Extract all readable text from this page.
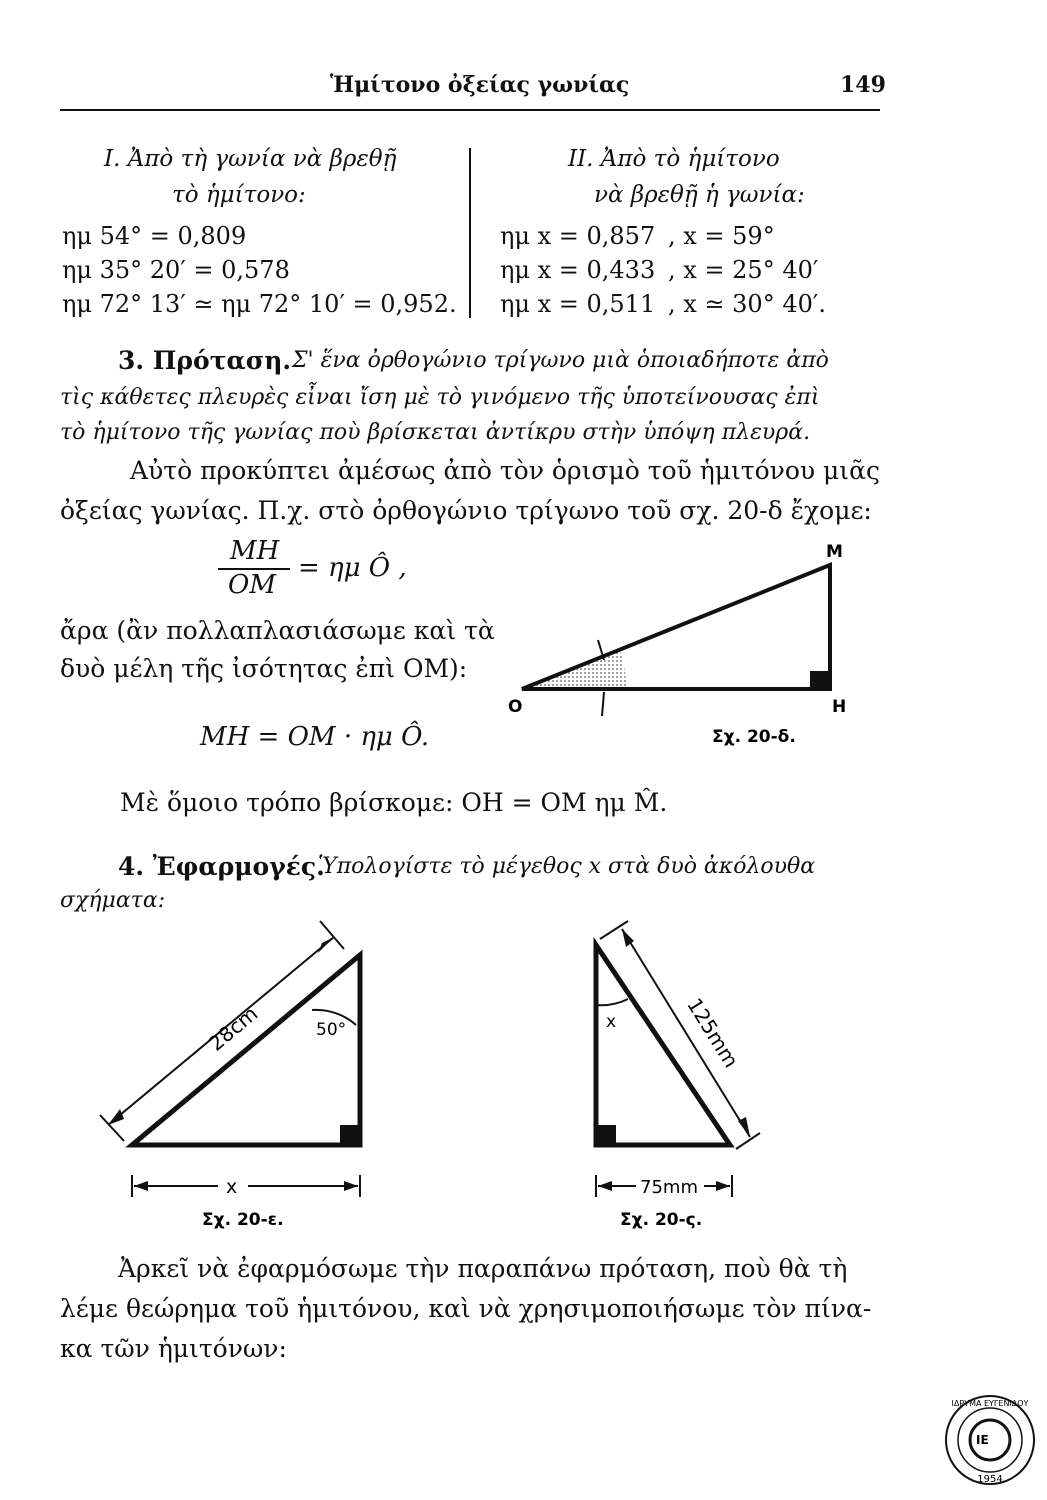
Ἡμίτονο ὀξείας γωνίας	149
I. Ἀπὸ τὴ γωνία νὰ βρεθῇ
τὸ ἡμίτονο:
ημ 54° = 0,809
ημ 35° 20′ = 0,578
ημ 72° 13′ ≃ ημ 72° 10′ = 0,952.
II. Ἀπὸ τὸ ἡμίτονο
νὰ βρεθῇ ἡ γωνία:
ημ x = 0,857 , x = 59°
ημ x = 0,433 , x = 25° 40′
ημ x = 0,511 , x ≃ 30° 40′.
3. Πρόταση. Σ' ἕνα ὀρθογώνιο τρίγωνο μιὰ ὁποιαδήποτε ἀπὸ
τὶς κάθετες πλευρὲς εἶναι ἴση μὲ τὸ γινόμενο τῆς ὑποτείνουσας ἐπὶ
τὸ ἡμίτονο τῆς γωνίας ποὺ βρίσκεται ἀντίκρυ στὴν ὑπόψη πλευρά.
Αὐτὸ προκύπτει ἀμέσως ἀπὸ τὸν ὁρισμὸ τοῦ ἡμιτόνου μιᾶς
ὀξείας γωνίας. Π.χ. στὸ ὀρθογώνιο τρίγωνο τοῦ σχ. 20-δ ἔχομε:
MH
OM
= ημ Ô ,
ἄρα (ἂν πολλαπλασιάσωμε καὶ τὰ
δυὸ μέλη τῆς ἰσότητας ἐπὶ OM):
MH = OM · ημ Ô.
Μὲ ὅμοιο τρόπο βρίσκομε: OH = OM ημ M̂.
O	H
M
Σχ. 20-δ.
4. Ἐφαρμογές.
Ὑπολογίστε τὸ μέγεθος x στὰ δυὸ ἀκόλουθα
σχήματα:
28cm	50°
x
Σχ. 20-ε.
125mm
x
75mm
Σχ. 20-ς.
Ἀρκεῖ νὰ ἐφαρμόσωμε τὴν παραπάνω πρόταση, ποὺ θὰ τὴ
λέμε θεώρημα τοῦ ἡμιτόνου, καὶ νὰ χρησιμοποιήσωμε τὸν πίνα-
κα τῶν ἡμιτόνων:
ΙΕ
ΙΔΡΥΜΑ ΕΥΓΕΝΙΔΟΥ
1954
